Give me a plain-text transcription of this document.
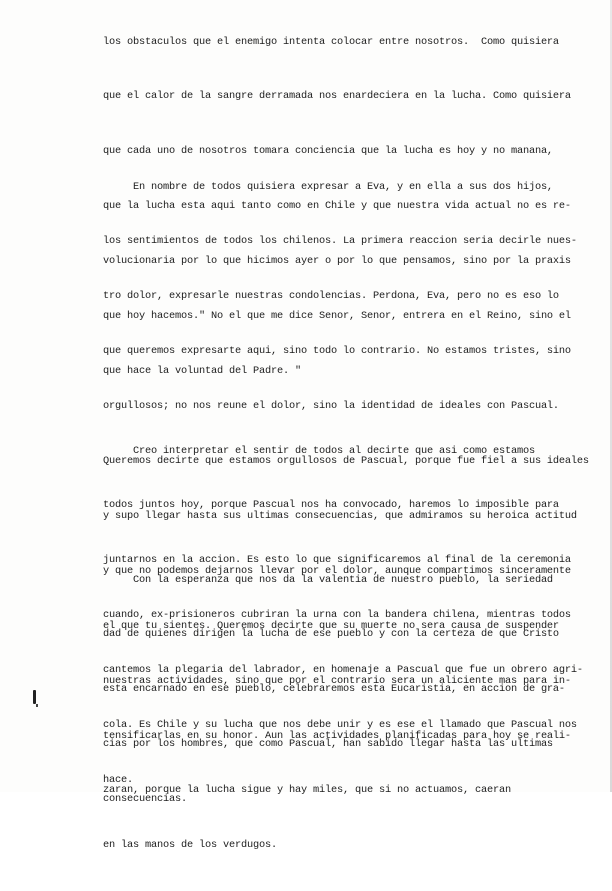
los obstaculos que el enemigo intenta colocar entre nosotros.  Como quisiera

que el calor de la sangre derramada nos enardeciera en la lucha. Como quisiera

que cada uno de nosotros tomara conciencia que la lucha es hoy y no manana,

que la lucha esta aqui tanto como en Chile y que nuestra vida actual no es re-

volucionaria por lo que hicimos ayer o por lo que pensamos, sino por la praxis

que hoy hacemos." No el que me dice Senor, Senor, entrera en el Reino, sino el

que hace la voluntad del Padre. "

En nombre de todos quisiera expresar a Eva, y en ella a sus dos hijos,

los sentimientos de todos los chilenos. La primera reaccion seria decirle nues-

tro dolor, expresarle nuestras condolencias. Perdona, Eva, pero no es eso lo

que queremos expresarte aqui, sino todo lo contrario. No estamos tristes, sino

orgullosos; no nos reune el dolor, sino la identidad de ideales con Pascual.

Queremos decirte que estamos orgullosos de Pascual, porque fue fiel a sus ideales

y supo llegar hasta sus ultimas consecuencias, que admiramos su heroica actitud

y que no podemos dejarnos llevar por el dolor, aunque compartimos sinceramente

el que tu sientes. Queremos decirte que su muerte no sera causa de suspender

nuestras actividades, sino que por el contrario sera un aliciente mas para in-

tensificarlas en su honor. Aun las actividades planificadas para hoy se reali-

zaran, porque la lucha sigue y hay miles, que si no actuamos, caeran

en las manos de los verdugos.

Creo interpretar el sentir de todos al decirte que asi como estamos

todos juntos hoy, porque Pascual nos ha convocado, haremos lo imposible para

juntarnos en la accion. Es esto lo que significaremos al final de la ceremonia

cuando, ex-prisioneros cubriran la urna con la bandera chilena, mientras todos

cantemos la plegaria del labrador, en homenaje a Pascual que fue un obrero agri-

cola. Es Chile y su lucha que nos debe unir y es ese el llamado que Pascual nos

hace.

Con la esperanza que nos da la valentia de nuestro pueblo, la seriedad

dad de quienes dirigen la lucha de ese pueblo y con la certeza de que Cristo

esta encarnado en ese pueblo, celebraremos esta Eucaristia, en accion de gra-

cias por los hombres, que como Pascual, han sabido llegar hasta las ultimas

consecuencias.
